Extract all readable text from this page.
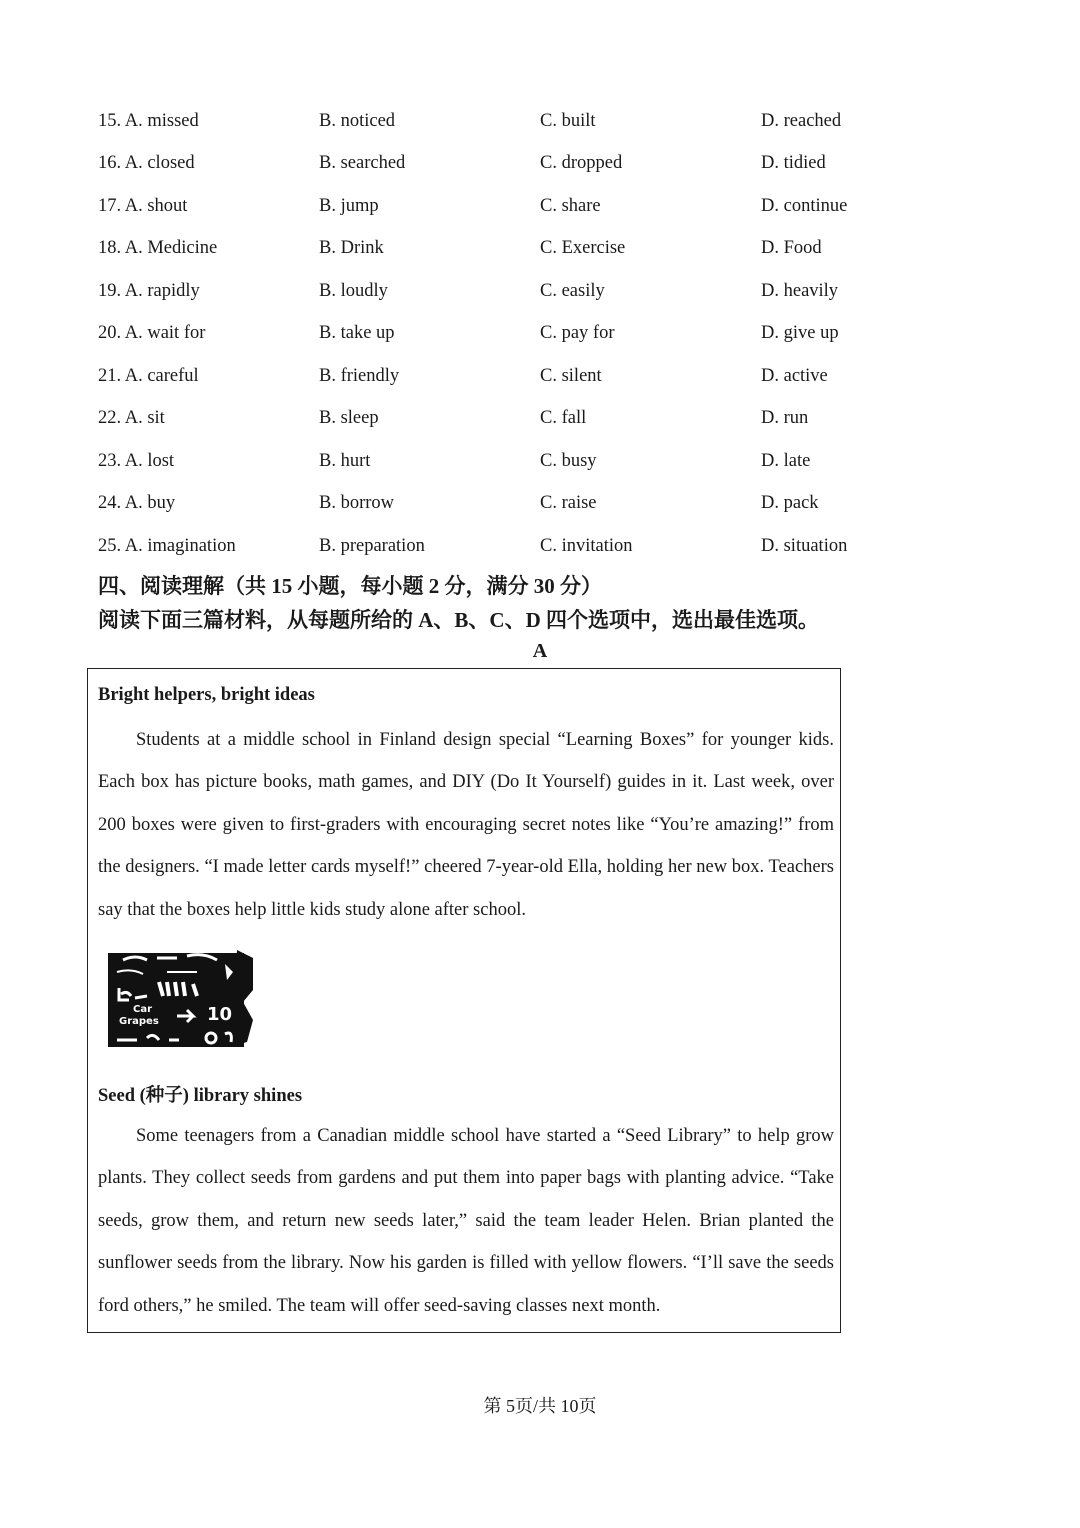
15. A. missed	B. noticed	C. built	D. reached
16. A. closed	B. searched	C. dropped	D. tidied
17. A. shout	B. jump	C. share	D. continue
18. A. Medicine	B. Drink	C. Exercise	D. Food
19. A. rapidly	B. loudly	C. easily	D. heavily
20. A. wait for	B. take up	C. pay for	D. give up
21. A. careful	B. friendly	C. silent	D. active
22. A. sit	B. sleep	C. fall	D. run
23. A. lost	B. hurt	C. busy	D. late
24. A. buy	B. borrow	C. raise	D. pack
25. A. imagination	B. preparation	C. invitation	D. situation
四、阅读理解（共 15 小题，每小题 2 分，满分 30 分）
阅读下面三篇材料，从每题所给的 A、B、C、D 四个选项中，选出最佳选项。
A
Bright helpers, bright ideas

Students at a middle school in Finland design special “Learning Boxes” for younger kids. Each box has picture books, math games, and DIY (Do It Yourself) guides in it. Last week, over 200 boxes were given to first-graders with encouraging secret notes like “You’re amazing!” from the designers. “I made letter cards myself!” cheered 7-year-old Ella, holding her new box. Teachers say that the boxes help little kids study alone after school.

Car
Grapes	10
Seed (种子) library shines

Some teenagers from a Canadian middle school have started a “Seed Library” to help grow plants. They collect seeds from gardens and put them into paper bags with planting advice. “Take seeds, grow them, and return new seeds later,” said the team leader Helen. Brian planted the sunflower seeds from the library. Now his garden is filled with yellow flowers. “I’ll save the seeds ford others,” he smiled. The team will offer seed-saving classes next month.

第 5页/共 10页
